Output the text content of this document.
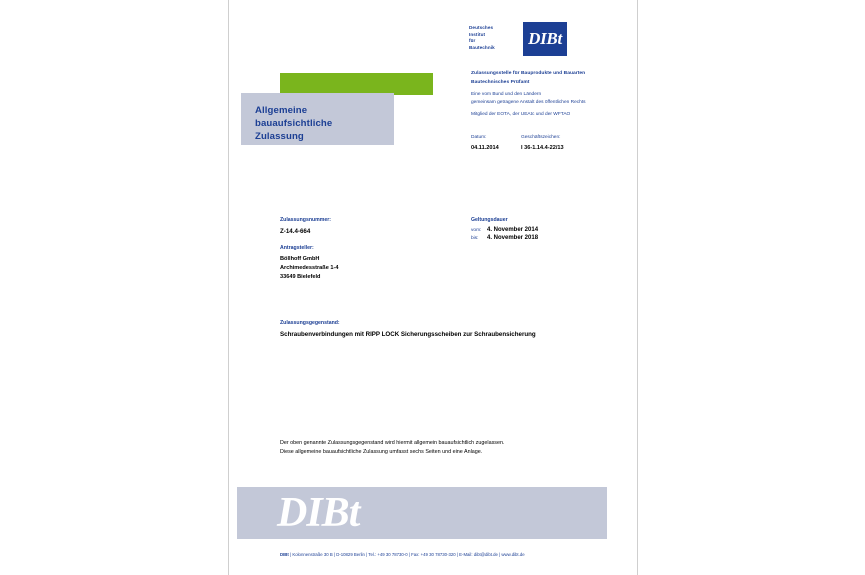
Deutsches
Institut
für
Bautechnik	DIBt
Zulassungsstelle für Bauprodukte und Bauarten
Bautechnisches Prüfamt
Eine vom Bund und den Ländern
gemeinsam getragene Anstalt des öffentlichen Rechts
Mitglied der EOTA, der UEAtc und der WFTAO
Allgemeine
bauaufsichtliche
Zulassung	Datum:	Geschäftszeichen:
04.11.2014	I 36-1.14.4-22/13
Zulassungsnummer:
Z-14.4-664
Antragsteller:
Böllhoff GmbH
Archimedesstraße 1-4
33649 Bielefeld
Geltungsdauer
vom: 4. November 2014
bis:	4. November 2018
Zulassungsgegenstand:
Schraubenverbindungen mit RIPP LOCK Sicherungsscheiben zur Schraubensicherung
Der oben genannte Zulassungsgegenstand wird hiermit allgemein bauaufsichtlich zugelassen.
Diese allgemeine bauaufsichtliche Zulassung umfasst sechs Seiten und eine Anlage.
DIBt
DIBt | Kolonnenstraße 30 B | D-10829 Berlin | Tel.: +49 30 78730-0 | Fax: +49 30 78730-320 | E-Mail: dibt@dibt.de | www.dibt.de
